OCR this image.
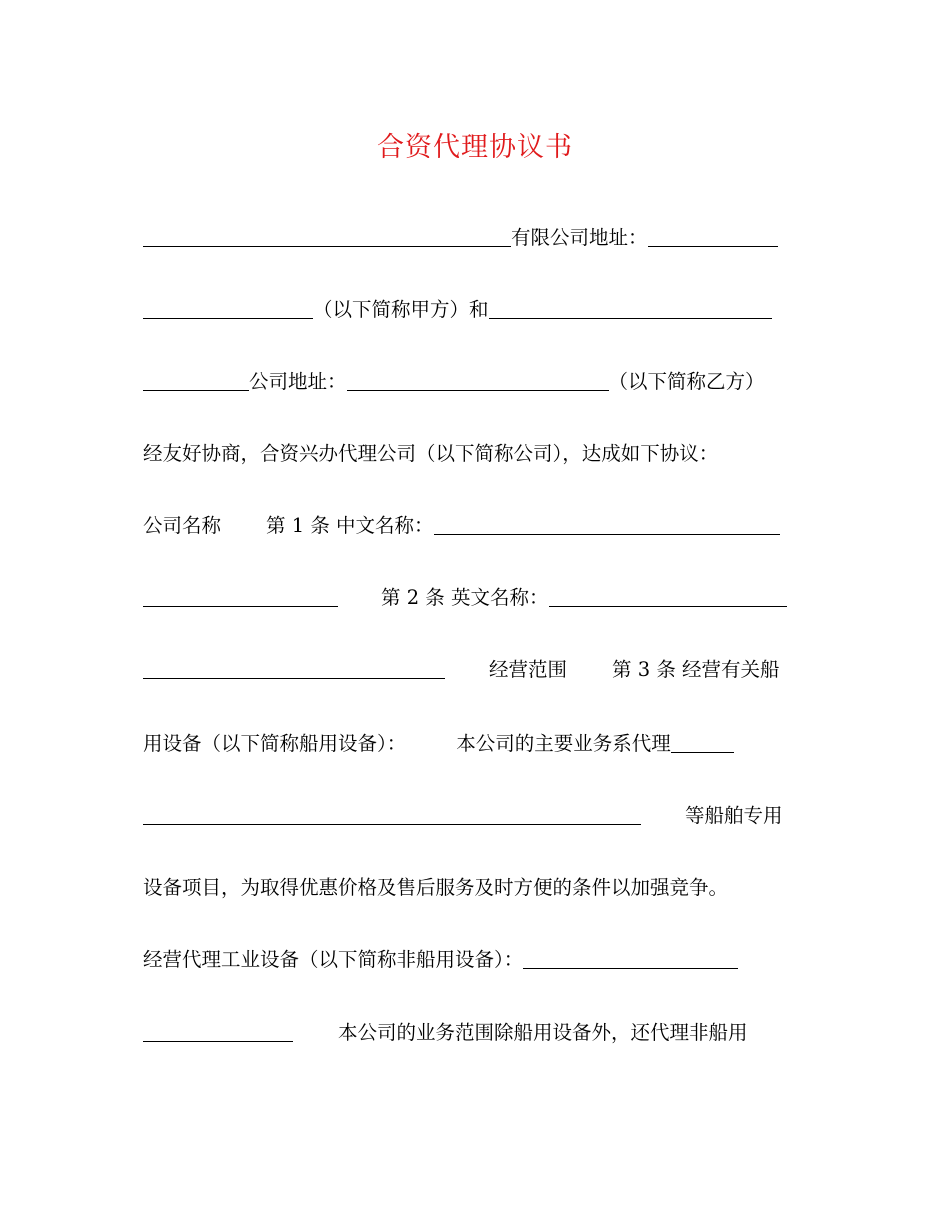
合资代理协议书
有限公司地址：
（以下简称甲方）和
公司地址：	（以下简称乙方）
经友好协商，合资兴办代理公司（以下简称公司），达成如下协议：
公司名称 第 1 条 中文名称：
第 2 条 英文名称：
经营范围 第 3 条 经营有关船
用设备（以下简称船用设备）：	本公司的主要业务系代理
等船舶专用
设备项目，为取得优惠价格及售后服务及时方便的条件以加强竞争。
经营代理工业设备（以下简称非船用设备）：
本公司的业务范围除船用设备外，还代理非船用
